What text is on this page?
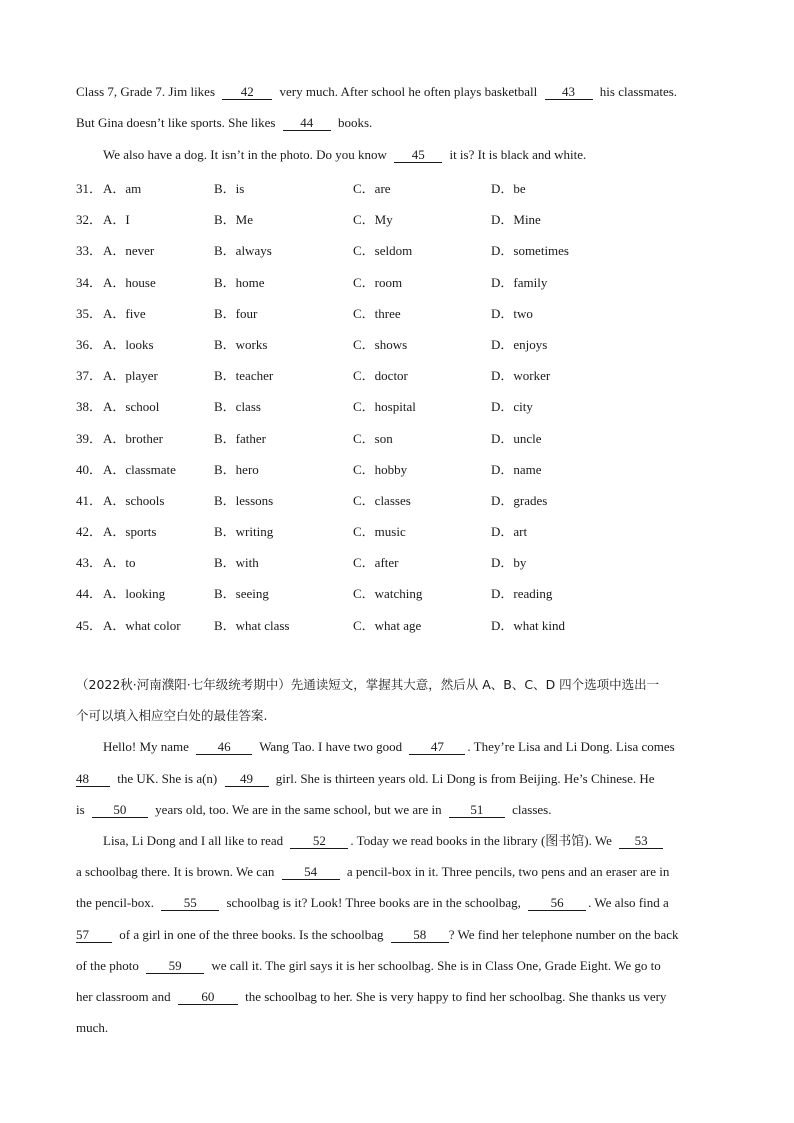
Class 7, Grade 7. Jim likes 42 very much. After school he often plays basketball 43 his classmates.
But Gina doesn’t like sports. She likes 44 books.
We also have a dog. It isn’t in the photo. Do you know 45 it is? It is black and white.
31． A．am	B．is	C．are	D．be
32． A．I	B．Me	C．My	D．Mine
33． A．never	B．always	C．seldom	D．sometimes
34． A．house	B．home	C．room	D．family
35． A．five	B．four	C．three	D．two
36． A．looks	B．works	C．shows	D．enjoys
37． A．player	B．teacher	C．doctor	D．worker
38． A．school	B．class	C．hospital	D．city
39． A．brother	B．father	C．son	D．uncle
40． A．classmate	B．hero	C．hobby	D．name
41． A．schools	B．lessons	C．classes	D．grades
42． A．sports	B．writing	C．music	D．art
43． A．to	B．with	C．after	D．by
44． A．looking	B．seeing	C．watching	D．reading
45． A．what color	B．what class	C．what age	D．what kind
（2022秋·河南濮阳·七年级统考期中）先通读短文，掌握其大意，然后从 A、B、C、D 四个选项中选出一
个可以填入相应空白处的最佳答案.
Hello! My name 46 Wang Tao. I have two good 47 . They’re Lisa and Li Dong. Lisa comes
48 the UK. She is a(n) 49 girl. She is thirteen years old. Li Dong is from Beijing. He’s Chinese. He
is 50 years old, too. We are in the same school, but we are in 51 classes.
Lisa, Li Dong and I all like to read 52 . Today we read books in the library (图书馆). We 53
a schoolbag there. It is brown. We can 54 a pencil-box in it. Three pencils, two pens and an eraser are in
the pencil-box. 55 schoolbag is it? Look! Three books are in the schoolbag, 56 . We also find a
57 of a girl in one of the three books. Is the schoolbag 58 ? We find her telephone number on the back
of the photo 59 we call it. The girl says it is her schoolbag. She is in Class One, Grade Eight. We go to
her classroom and 60 the schoolbag to her. She is very happy to find her schoolbag. She thanks us very
much.
